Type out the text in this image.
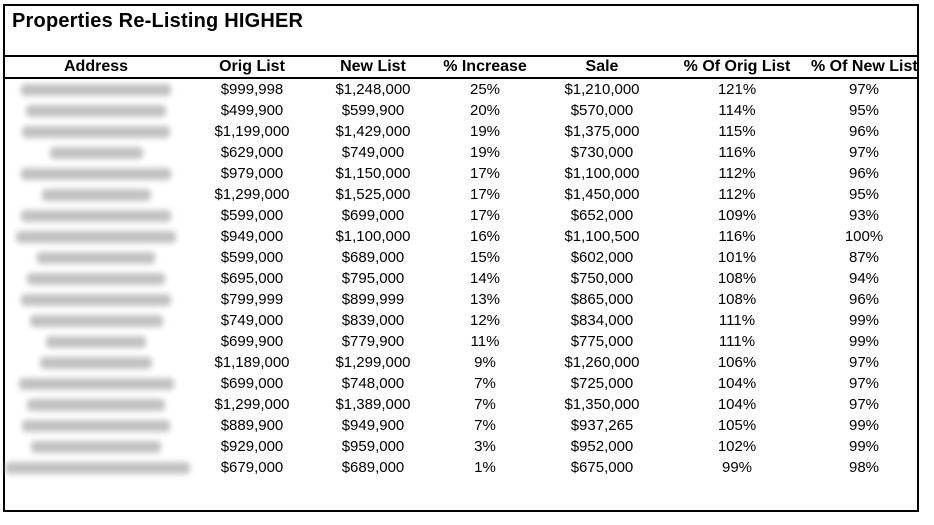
Properties Re-Listing HIGHER
Address	Orig List	New List	% Increase	Sale	% Of Orig List	% Of New List

	$999,998	$1,248,000	25%	$1,210,000	121%	97%

	$499,900	$599,900	20%	$570,000	114%	95%

	$1,199,000	$1,429,000	19%	$1,375,000	115%	96%

	$629,000	$749,000	19%	$730,000	116%	97%

	$979,000	$1,150,000	17%	$1,100,000	112%	96%

	$1,299,000	$1,525,000	17%	$1,450,000	112%	95%

	$599,000	$699,000	17%	$652,000	109%	93%

	$949,000	$1,100,000	16%	$1,100,500	116%	100%

	$599,000	$689,000	15%	$602,000	101%	87%

	$695,000	$795,000	14%	$750,000	108%	94%

	$799,999	$899,999	13%	$865,000	108%	96%

	$749,000	$839,000	12%	$834,000	111%	99%

	$699,900	$779,900	11%	$775,000	111%	99%

	$1,189,000	$1,299,000	9%	$1,260,000	106%	97%

	$699,000	$748,000	7%	$725,000	104%	97%

	$1,299,000	$1,389,000	7%	$1,350,000	104%	97%

	$889,900	$949,900	7%	$937,265	105%	99%

	$929,000	$959,000	3%	$952,000	102%	99%

	$679,000	$689,000	1%	$675,000	99%	98%
